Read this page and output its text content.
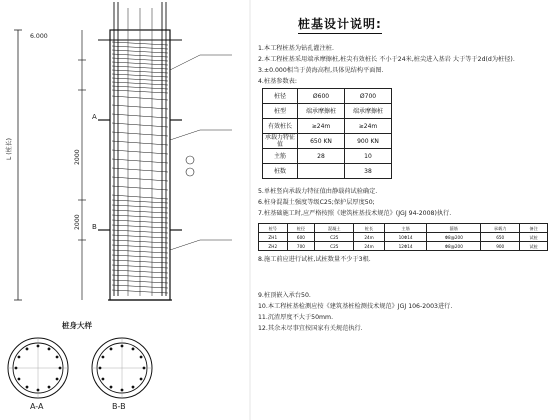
L (桩长)	2000
2000
6.000
A
B
桩身大样
A-A	B-B
桩基设计说明:
1.本工程桩基为钻孔灌注桩.
2.本工程桩基采用端承摩擦桩,桩尖有效桩长 不小于24米,桩尖进入基岩 大于等于2d(d为桩径).
3.±0.000相当于黄海高程,具体见结构平面图.
4.桩基参数表:
桩径	Ø600	Ø700
桩型	端承摩擦桩	端承摩擦桩
有效桩长	≥24m	≥24m
承载力特征值	650 KN	900 KN
主筋	28	10
桩数		38
5.单桩竖向承载力特征值由静载荷试验确定.
6.桩身混凝土强度等级C25;保护层厚度50;
7.桩基础施工时,应严格按照《建筑桩基技术规范》(JGJ 94-2008)执行.
桩号	桩径	混凝土	桩长	主筋	箍筋	承载力	备注
ZH1	600	C25	24m	10Φ14	Φ8@200	650	试桩
ZH2	700	C25	24m	12Φ14	Φ8@200	900	试桩
8.施工前应进行试桩,试桩数量不少于3根.
9.桩顶嵌入承台50.
10.本工程桩基检测应按《建筑基桩检测技术规范》JGJ 106-2003进行.
11.沉渣厚度不大于50mm.
12.其余未尽事宜按国家有关规范执行.
